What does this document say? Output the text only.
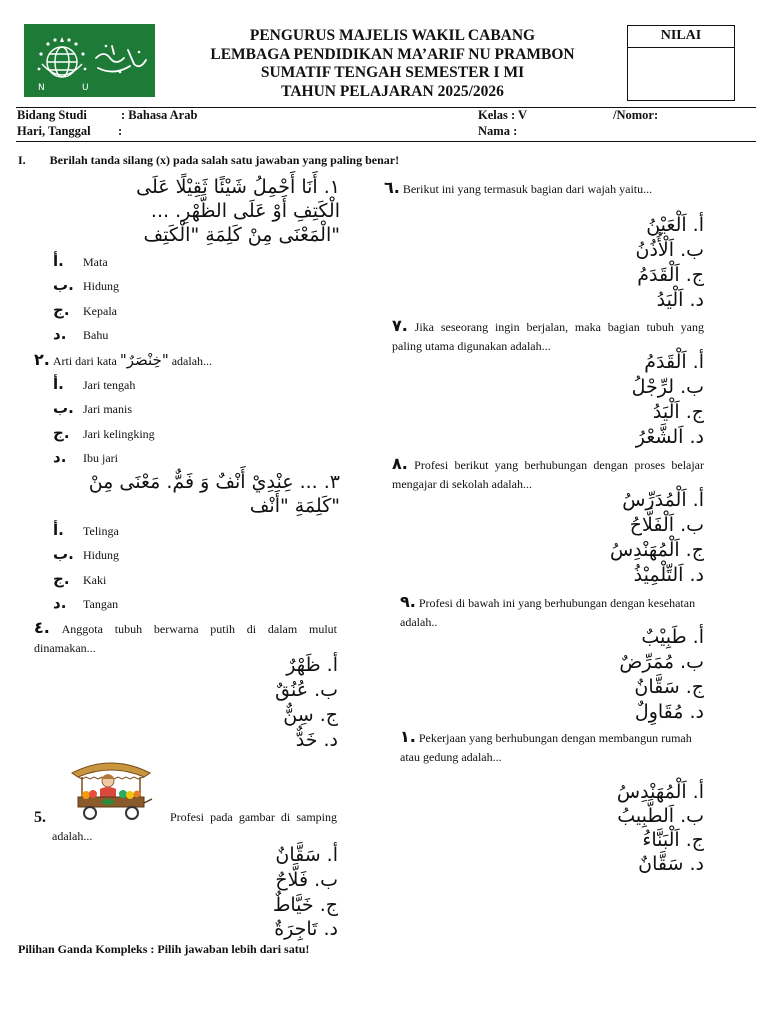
N	U
PENGURUS MAJELIS WAKIL CABANG
LEMBAGA PENDIDIKAN MA’ARIF NU PRAMBON
SUMATIF TENGAH SEMESTER I MI
TAHUN PELAJARAN 2025/2026
NILAI
Bidang Studi	: Bahasa Arab
Hari, Tanggal :
Kelas : V	/Nomor:
Nama :
I. Berilah tanda silang (x) pada salah satu jawaban yang paling benar!
١. أَنَا أَحْمِلُ شَيْئًا ثَقِيْلًا عَلَى
الْكَتِفِ أَوْ عَلَى الظَّهْرِ. ...
"الْمَعْنَى مِنْ كَلِمَةِ "الْكَتِف
أ. Mata
ب. Hidung
ج. Kepala
د. Bahu
٢. Arti dari kata "خِنْصَرٌ" adalah...
أ. Jari tengah
ب. Jari manis
ج. Jari kelingking
د. Ibu jari
٣. ... عِنْدِيْ أَنْفٌ وَ فَمٌّ. مَعْنَى مِنْ
"كَلِمَةِ "أَنْف
أ. Telinga
ب. Hidung
ج. Kaki
د. Tangan
٤. Anggota tubuh berwarna putih di dalam mulut dinamakan...
أ. ظَهْرٌ
ب. عُنُقٌ
ج. سِنٌّ
د. خَدٌّ
5.	Profesi pada gambar di samping adalah...
أ. سَقَّانٌ
ب. فَلَّاحٌ
ج. خَيَّاطٌ
د. تَاجِرَةٌ
Pilihan Ganda Kompleks : Pilih jawaban lebih dari satu!
٦. Berikut ini yang termasuk bagian dari wajah yaitu...
أ. اَلْعَيْنُ
ب. اَلْأُذُنُ
ج. اَلْقَدَمُ
د. اَلْيَدُ
٧. Jika seseorang ingin berjalan, maka bagian tubuh yang paling utama digunakan adalah...
أ. اَلْقَدَمُ
ب. لرِّجْلُ
ج. اَلْيَدُ
د. اَلشَّعْرُ
٨. Profesi berikut yang berhubungan dengan proses belajar mengajar di sekolah adalah...
أ. اَلْمُدَرِّسُ
ب. اَلْفَلَّاحُ
ج. اَلْمُهَنْدِسُ
د. اَلتِّلْمِيْذُ
٩. Profesi di bawah ini yang berhubungan dengan kesehatan adalah..
أ. طَبِيْبٌ
ب. مُمَرِّضٌ
ج. سَقَّانٌ
د. مُقَاوِلٌ
١. Pekerjaan yang berhubungan dengan membangun rumah atau gedung adalah...
أ. اَلْمُهَنْدِسُ
ب. اَلطَّبِيبُ
ج. اَلْبَنَّاءُ
د. سَقَّانٌ
